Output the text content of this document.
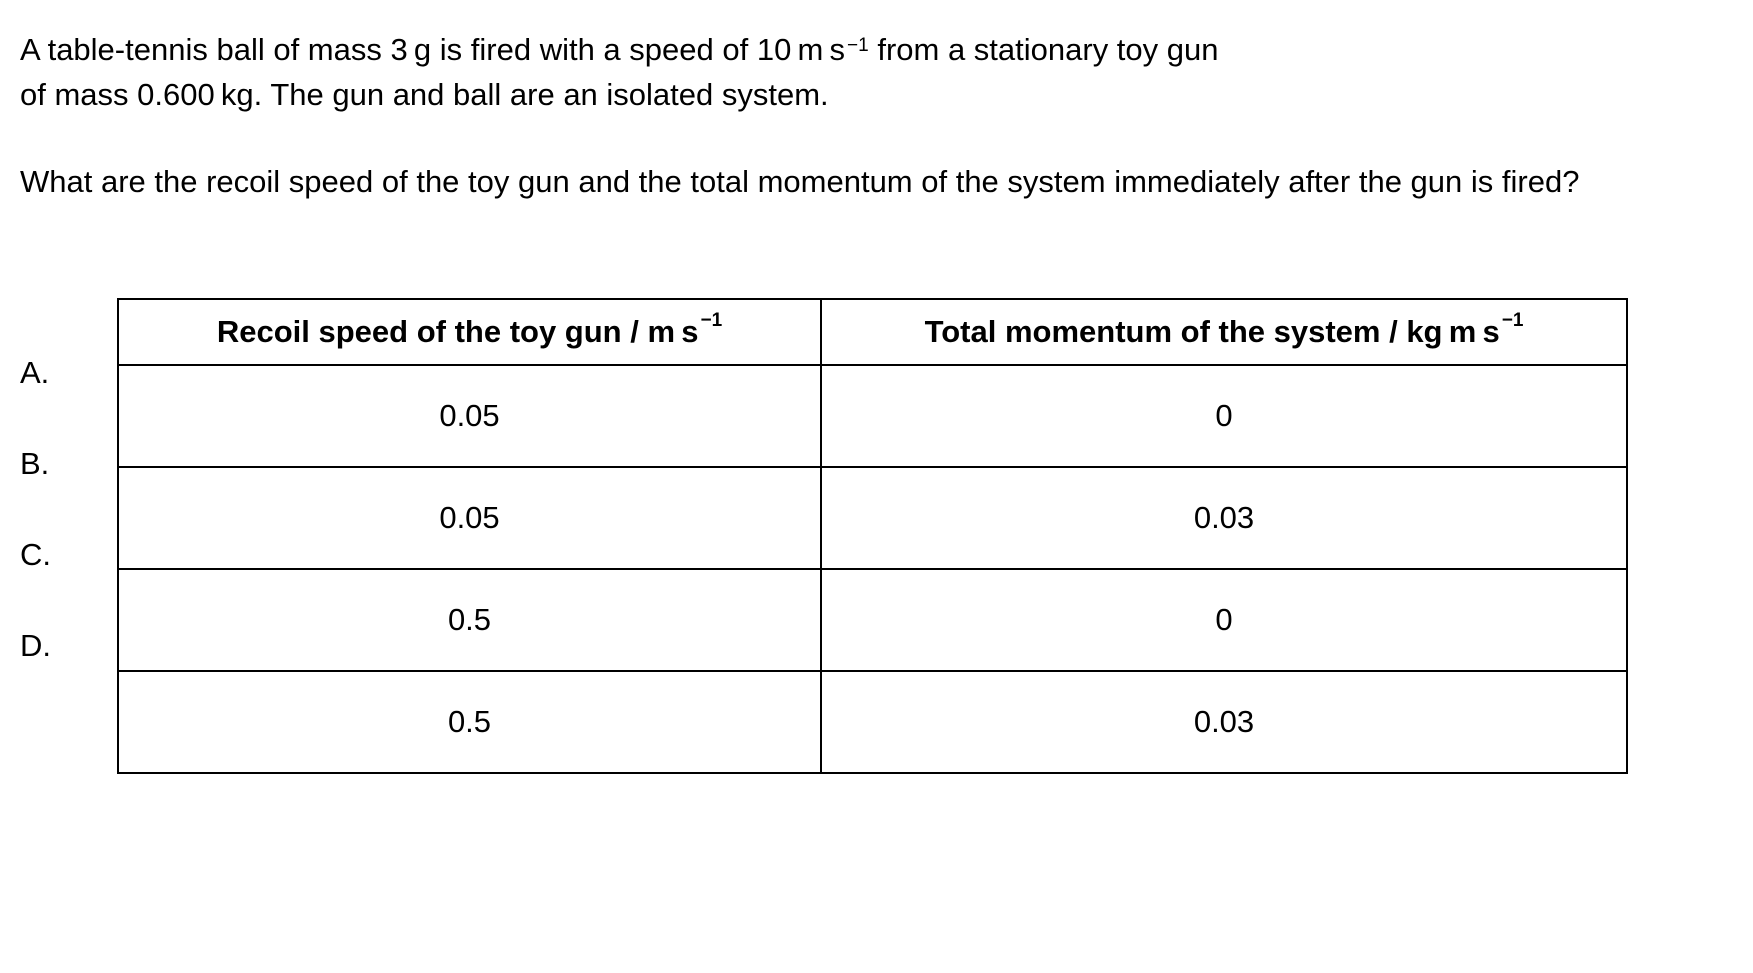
A table-tennis ball of mass 3 g is fired with a speed of 10 m s $^{-1}$ from a stationary toy gun
of mass 0.600 kg. The gun and ball are an isolated system.

What are the recoil speed of the toy gun and the total momentum of the system immediately after the gun is fired?

A.
B.
C.
D.
Recoil speed of the toy gun / m s $^{-1}$	Total momentum of the system / kg m s $^{-1}$
0.05	0
0.05	0.03
0.5	0
0.5	0.03
